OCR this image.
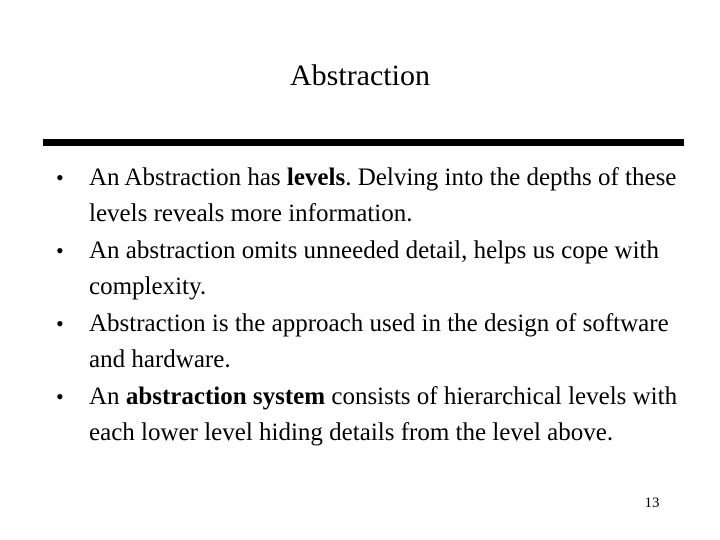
Abstraction
• An Abstraction has levels. Delving into the depths of these levels reveals more information.
• An abstraction omits unneeded detail, helps us cope with complexity.
• Abstraction is the approach used in the design of software and hardware.
• An abstraction system consists of hierarchical levels with each lower level hiding details from the level above.
13
